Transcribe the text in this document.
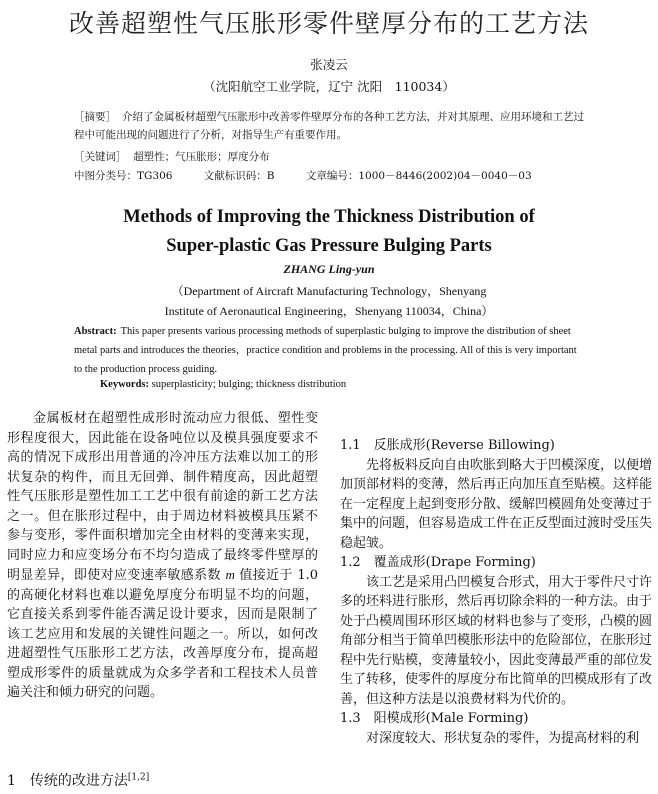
改善超塑性气压胀形零件壁厚分布的工艺方法
张凌云
（沈阳航空工业学院，辽宁 沈阳　110034）
［摘要］ 介绍了金属板材超塑气压胀形中改善零件壁厚分布的各种工艺方法，并对其原理、应用环境和工艺过程中可能出现的问题进行了分析，对指导生产有重要作用。
［关键词］ 超塑性；气压胀形；厚度分布
中图分类号：TG306	文献标识码：B	文章编号：1000－8446(2002)04－0040－03
Methods of Improving the Thickness Distribution of
Super-plastic Gas Pressure Bulging Parts
ZHANG Ling-yun
（Department of Aircraft Manufacturing Technology，Shenyang
Institute of Aeronautical Engineering，Shenyang 110034，China）
Abstract: This paper presents various processing methods of superplastic bulging to improve the distribution of sheet metal parts and introduces the theories，practice condition and problems in the processing. All of this is very important to the production process guiding.
Keywords: superplasticity; bulging; thickness distribution

金属板材在超塑性成形时流动应力很低、塑性变形程度很大，因此能在设备吨位以及模具强度要求不高的情况下成形出用普通的冷冲压方法难以加工的形状复杂的构件，而且无回弹、制件精度高，因此超塑性气压胀形是塑性加工工艺中很有前途的新工艺方法之一。但在胀形过程中，由于周边材料被模具压紧不参与变形，零件面积增加完全由材料的变薄来实现，同时应力和应变场分布不均匀造成了最终零件壁厚的明显差异，即使对应变速率敏感系数 m 值接近于 1.0 的高硬化材料也难以避免厚度分布明显不均的问题，它直接关系到零件能否满足设计要求，因而是限制了该工艺应用和发展的关键性问题之一。所以，如何改进超塑性气压胀形工艺方法，改善厚度分布，提高超塑成形零件的质量就成为众多学者和工程技术人员普遍关注和倾力研究的问题。

1　传统的改进方法[1,2]

1.1　反胀成形(Reverse Billowing)

先将板料反向自由吹胀到略大于凹模深度，以便增加顶部材料的变薄，然后再正向加压直至贴模。这样能在一定程度上起到变形分散、缓解凹模圆角处变薄过于集中的问题，但容易造成工件在正反型面过渡时受压失稳起皱。

1.2　覆盖成形(Drape Forming)

该工艺是采用凸凹模复合形式，用大于零件尺寸许多的坯料进行胀形，然后再切除余料的一种方法。由于处于凸模周围环形区域的材料也参与了变形，凸模的圆角部分相当于简单凹模胀形法中的危险部位，在胀形过程中先行贴模，变薄量较小，因此变薄最严重的部位发生了转移，使零件的厚度分布比简单的凹模成形有了改善，但这种方法是以浪费材料为代价的。

1.3　阳模成形(Male Forming)

对深度较大、形状复杂的零件，为提高材料的利
